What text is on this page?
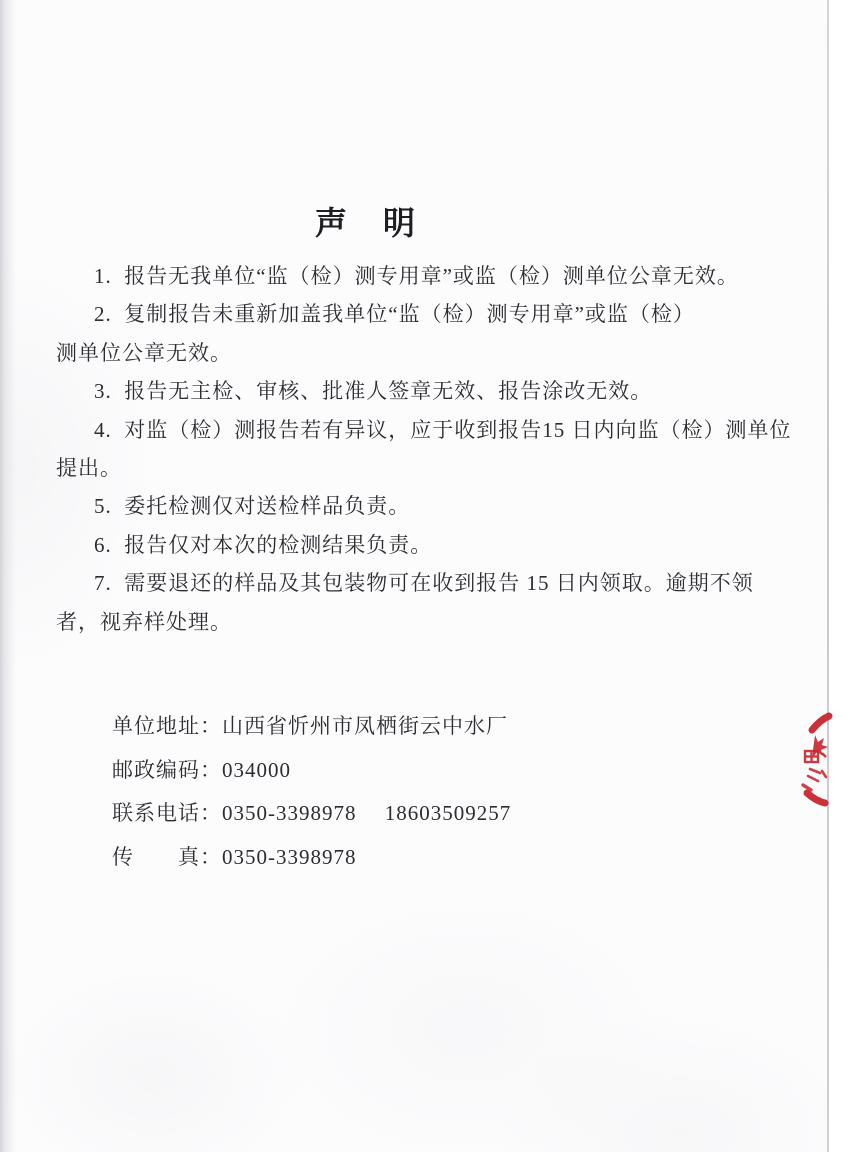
声　明
1.  报告无我单位“监（检）测专用章”或监（检）测单位公章无效。
2.  复制报告未重新加盖我单位“监（检）测专用章”或监（检）
测单位公章无效。
3.  报告无主检、审核、批准人签章无效、报告涂改无效。
4.  对监（检）测报告若有异议，应于收到报告15 日内向监（检）测单位
提出。
5.  委托检测仅对送检样品负责。
6.  报告仅对本次的检测结果负责。
7.  需要退还的样品及其包装物可在收到报告 15 日内领取。逾期不领
者，视弃样处理。
单位地址： 山西省忻州市凤栖街云中水厂
邮政编码： 034000
联系电话： 0350-3398978　 18603509257
传　　真： 0350-3398978
